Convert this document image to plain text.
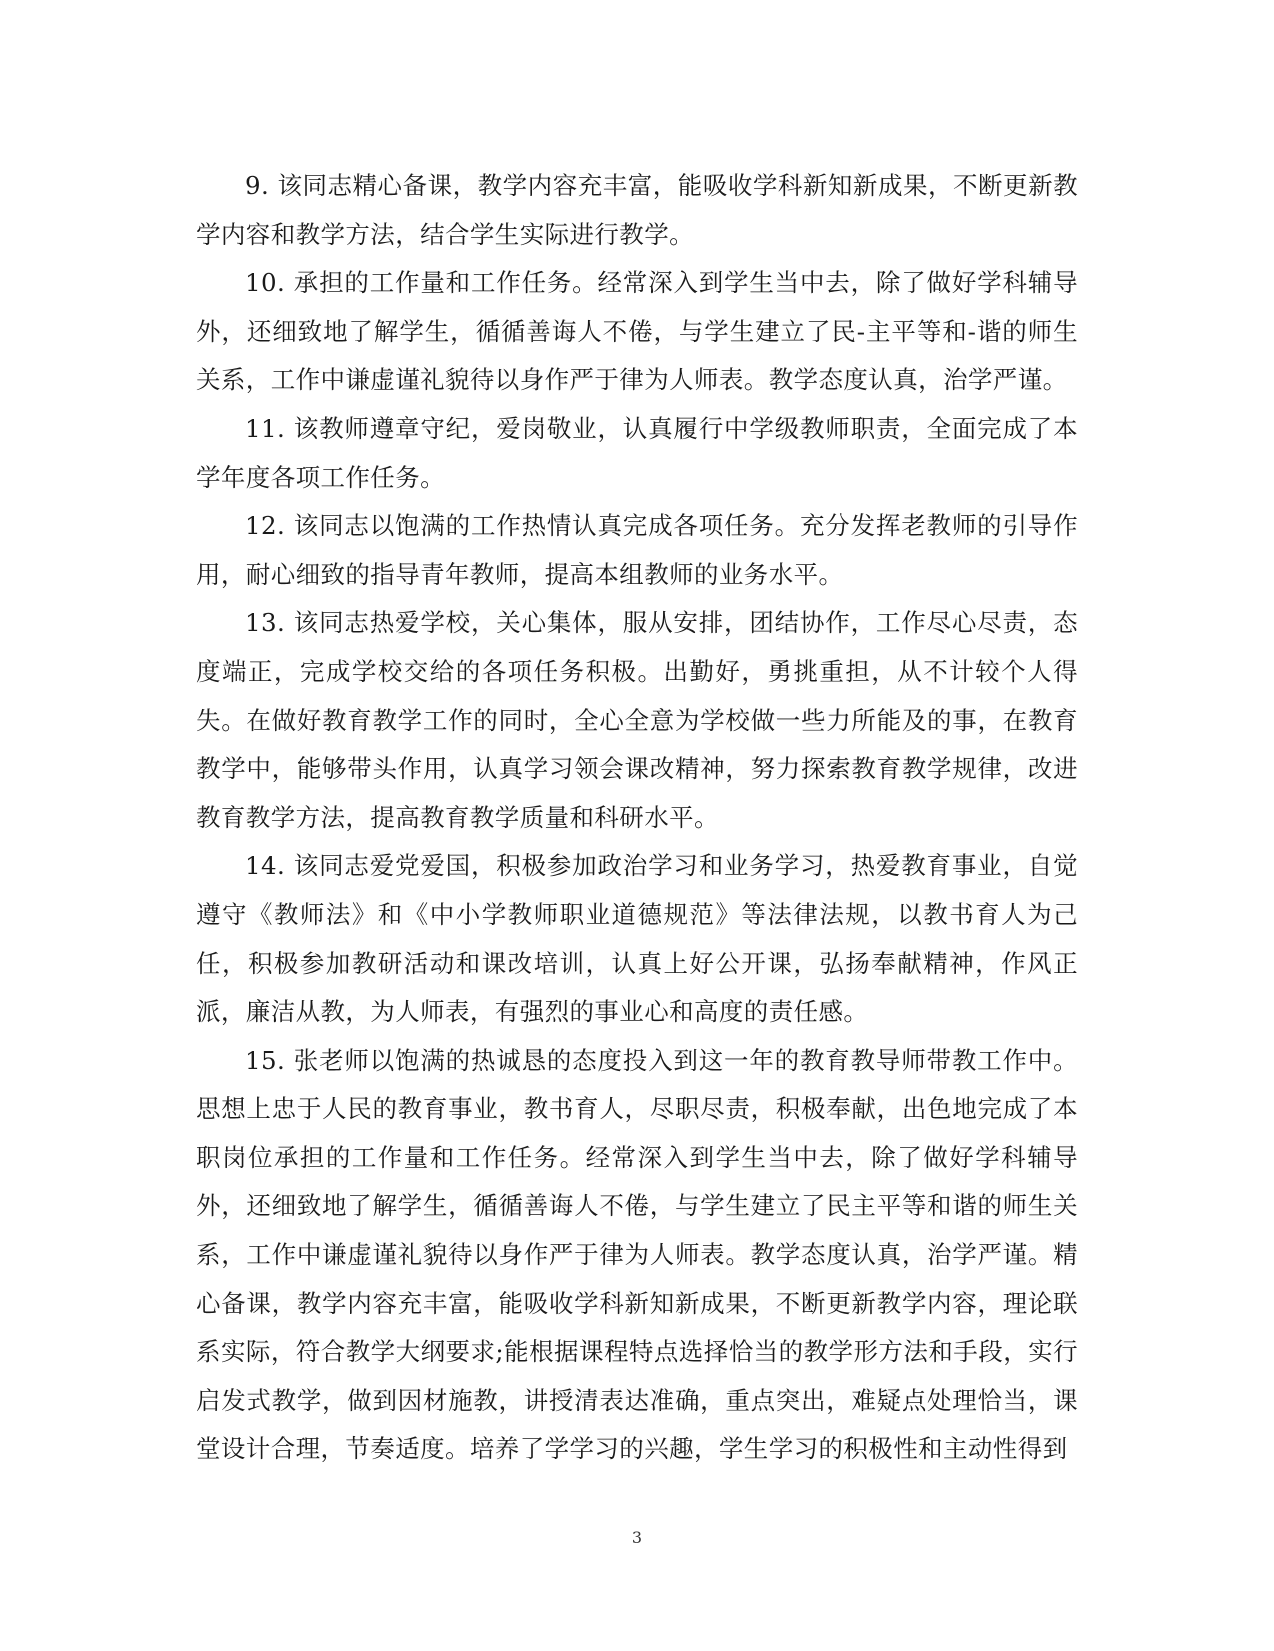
9. 该同志精心备课，教学内容充丰富，能吸收学科新知新成果，不断更新教学内容和教学方法，结合学生实际进行教学。

10. 承担的工作量和工作任务。经常深入到学生当中去，除了做好学科辅导外，还细致地了解学生，循循善诲人不倦，与学生建立了民-主平等和-谐的师生关系，工作中谦虚谨礼貌待以身作严于律为人师表。教学态度认真，治学严谨。

11. 该教师遵章守纪，爱岗敬业，认真履行中学级教师职责，全面完成了本学年度各项工作任务。

12. 该同志以饱满的工作热情认真完成各项任务。充分发挥老教师的引导作用，耐心细致的指导青年教师，提高本组教师的业务水平。

13. 该同志热爱学校，关心集体，服从安排，团结协作，工作尽心尽责，态度端正，完成学校交给的各项任务积极。出勤好，勇挑重担，从不计较个人得失。在做好教育教学工作的同时，全心全意为学校做一些力所能及的事，在教育教学中，能够带头作用，认真学习领会课改精神，努力探索教育教学规律，改进教育教学方法，提高教育教学质量和科研水平。

14. 该同志爱党爱国，积极参加政治学习和业务学习，热爱教育事业，自觉遵守《教师法》和《中小学教师职业道德规范》等法律法规，以教书育人为己任，积极参加教研活动和课改培训，认真上好公开课，弘扬奉献精神，作风正派，廉洁从教，为人师表，有强烈的事业心和高度的责任感。

15. 张老师以饱满的热诚恳的态度投入到这一年的教育教导师带教工作中。思想上忠于人民的教育事业，教书育人，尽职尽责，积极奉献，出色地完成了本职岗位承担的工作量和工作任务。经常深入到学生当中去，除了做好学科辅导外，还细致地了解学生，循循善诲人不倦，与学生建立了民主平等和谐的师生关系，工作中谦虚谨礼貌待以身作严于律为人师表。教学态度认真，治学严谨。精心备课，教学内容充丰富，能吸收学科新知新成果，不断更新教学内容，理论联系实际，符合教学大纲要求;能根据课程特点选择恰当的教学形方法和手段，实行启发式教学，做到因材施教，讲授清表达准确，重点突出，难疑点处理恰当，课堂设计合理，节奏适度。培养了学学习的兴趣，学生学习的积极性和主动性得到

3
